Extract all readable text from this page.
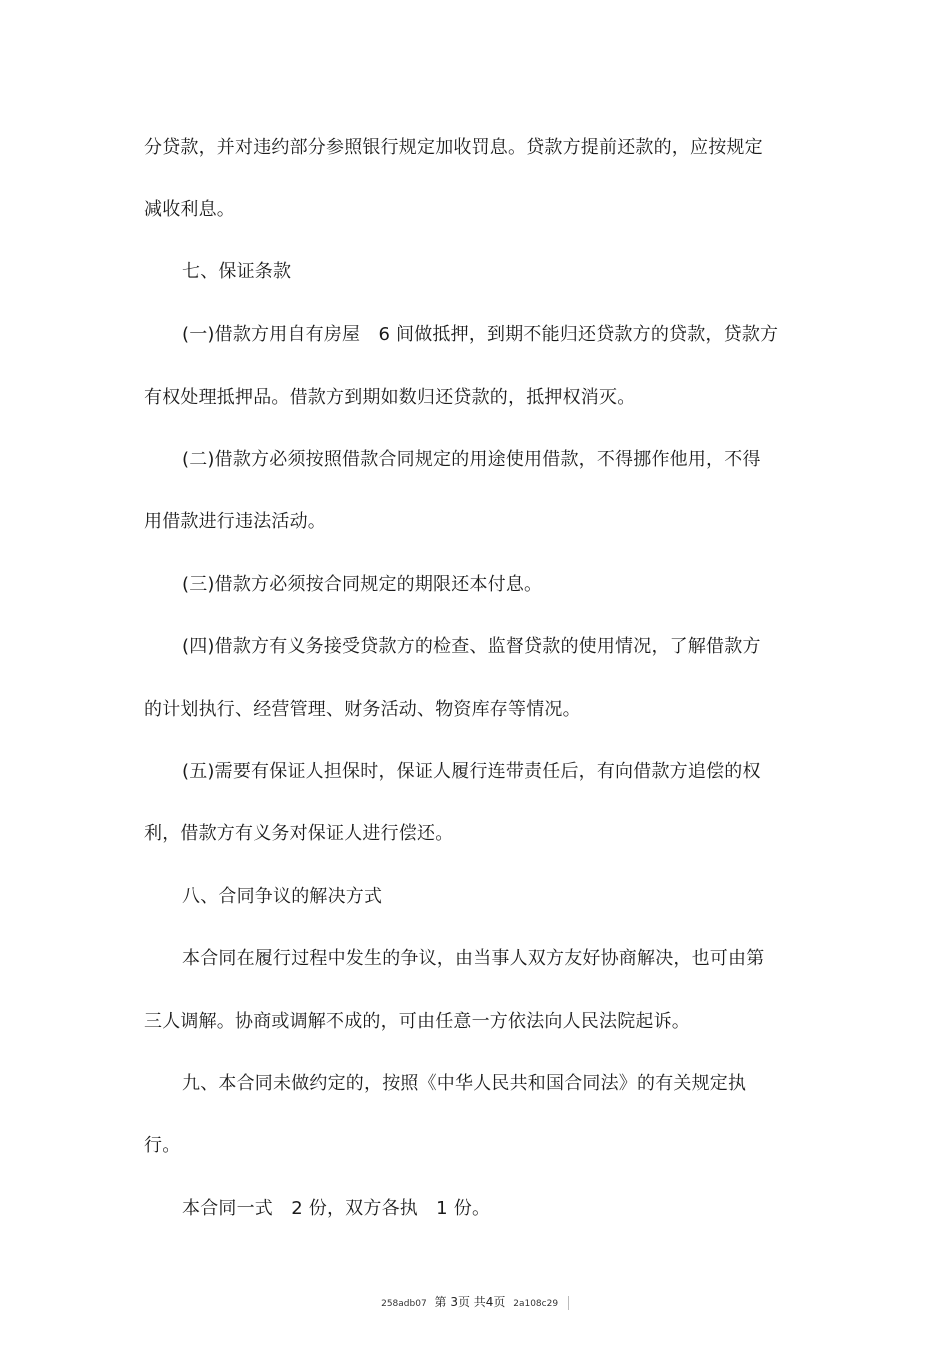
分贷款，并对违约部分参照银行规定加收罚息。贷款方提前还款的，应按规定
减收利息。
七、保证条款
(一)借款方用自有房屋　6 间做抵押，到期不能归还贷款方的贷款，贷款方
有权处理抵押品。借款方到期如数归还贷款的，抵押权消灭。
(二)借款方必须按照借款合同规定的用途使用借款，不得挪作他用，不得
用借款进行违法活动。
(三)借款方必须按合同规定的期限还本付息。
(四)借款方有义务接受贷款方的检查、监督贷款的使用情况，了解借款方
的计划执行、经营管理、财务活动、物资库存等情况。
(五)需要有保证人担保时，保证人履行连带责任后，有向借款方追偿的权
利，借款方有义务对保证人进行偿还。
八、合同争议的解决方式
本合同在履行过程中发生的争议，由当事人双方友好协商解决，也可由第
三人调解。协商或调解不成的，可由任意一方依法向人民法院起诉。
九、本合同未做约定的，按照《中华人民共和国合同法》的有关规定执
行。
本合同一式　2 份，双方各执　1 份。
258adb07 第 3页 共4页 2a108c29
